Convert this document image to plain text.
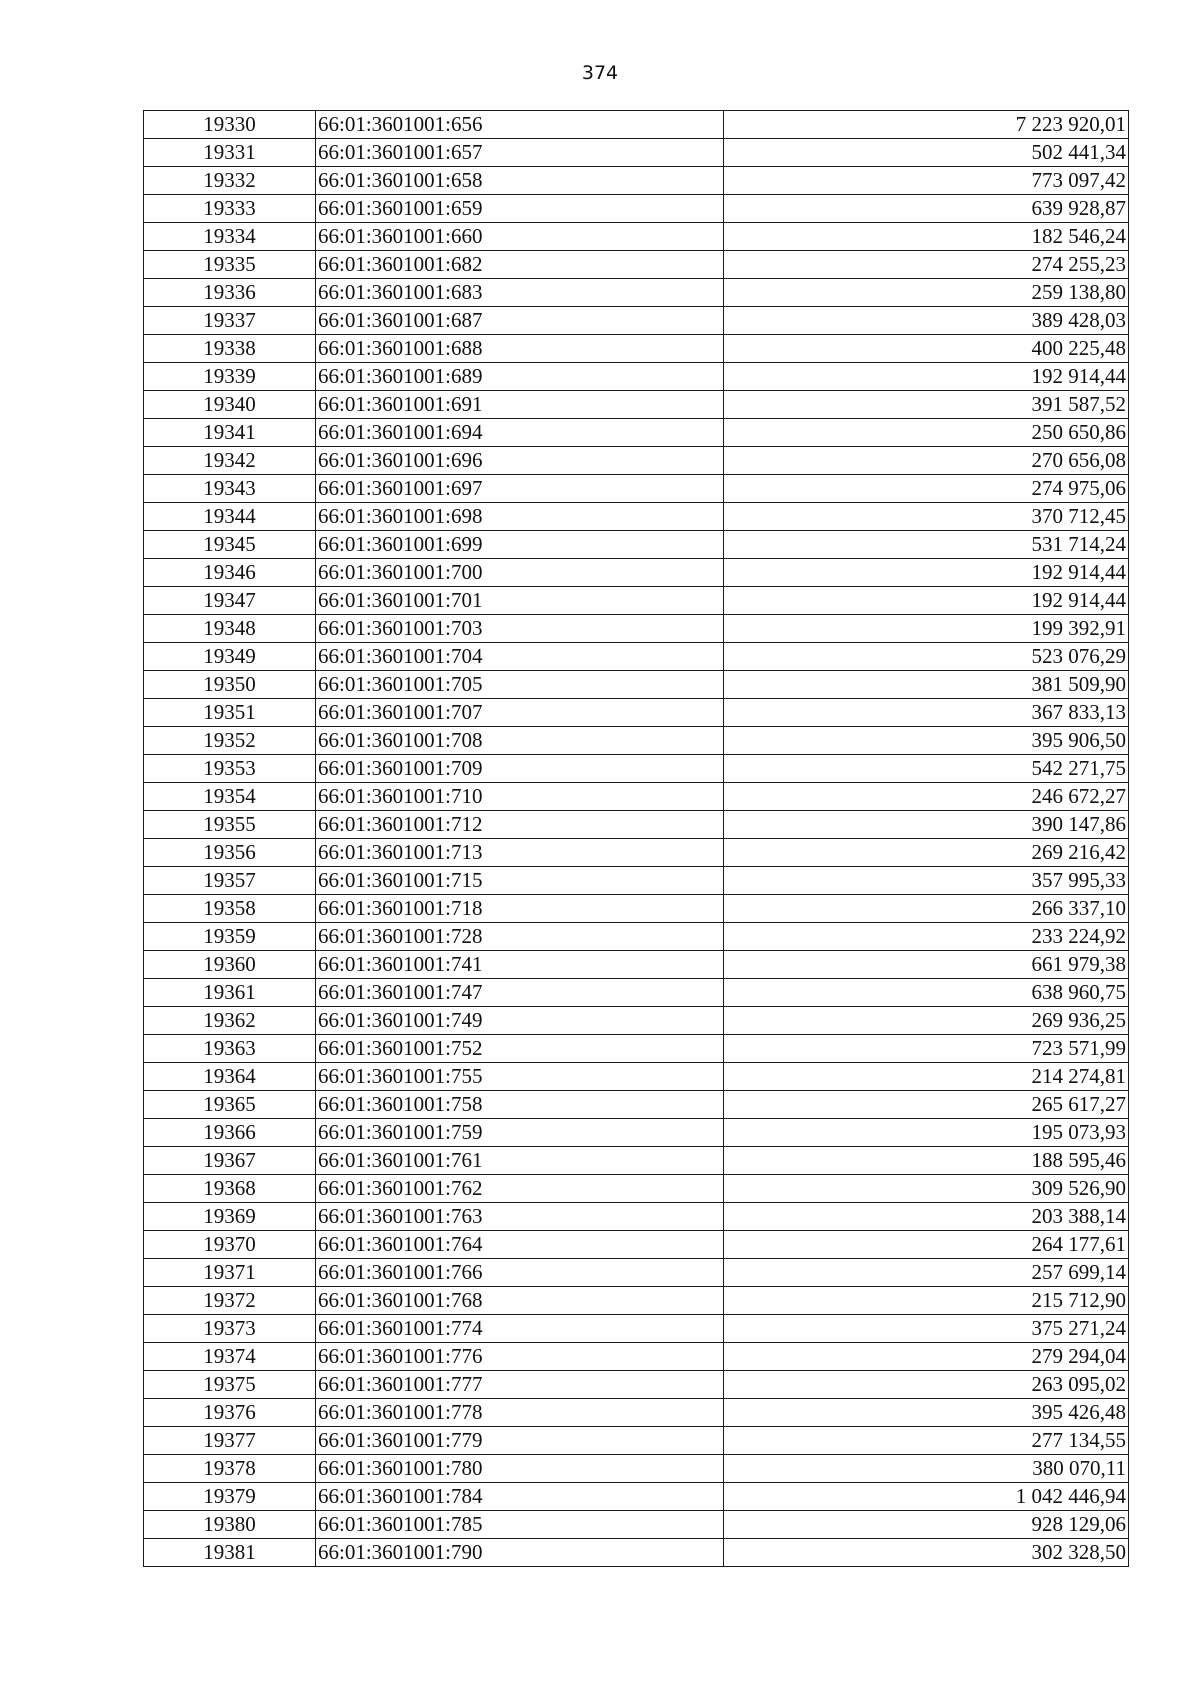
374
19330	66:01:3601001:656	7 223 920,01
19331	66:01:3601001:657	502 441,34
19332	66:01:3601001:658	773 097,42
19333	66:01:3601001:659	639 928,87
19334	66:01:3601001:660	182 546,24
19335	66:01:3601001:682	274 255,23
19336	66:01:3601001:683	259 138,80
19337	66:01:3601001:687	389 428,03
19338	66:01:3601001:688	400 225,48
19339	66:01:3601001:689	192 914,44
19340	66:01:3601001:691	391 587,52
19341	66:01:3601001:694	250 650,86
19342	66:01:3601001:696	270 656,08
19343	66:01:3601001:697	274 975,06
19344	66:01:3601001:698	370 712,45
19345	66:01:3601001:699	531 714,24
19346	66:01:3601001:700	192 914,44
19347	66:01:3601001:701	192 914,44
19348	66:01:3601001:703	199 392,91
19349	66:01:3601001:704	523 076,29
19350	66:01:3601001:705	381 509,90
19351	66:01:3601001:707	367 833,13
19352	66:01:3601001:708	395 906,50
19353	66:01:3601001:709	542 271,75
19354	66:01:3601001:710	246 672,27
19355	66:01:3601001:712	390 147,86
19356	66:01:3601001:713	269 216,42
19357	66:01:3601001:715	357 995,33
19358	66:01:3601001:718	266 337,10
19359	66:01:3601001:728	233 224,92
19360	66:01:3601001:741	661 979,38
19361	66:01:3601001:747	638 960,75
19362	66:01:3601001:749	269 936,25
19363	66:01:3601001:752	723 571,99
19364	66:01:3601001:755	214 274,81
19365	66:01:3601001:758	265 617,27
19366	66:01:3601001:759	195 073,93
19367	66:01:3601001:761	188 595,46
19368	66:01:3601001:762	309 526,90
19369	66:01:3601001:763	203 388,14
19370	66:01:3601001:764	264 177,61
19371	66:01:3601001:766	257 699,14
19372	66:01:3601001:768	215 712,90
19373	66:01:3601001:774	375 271,24
19374	66:01:3601001:776	279 294,04
19375	66:01:3601001:777	263 095,02
19376	66:01:3601001:778	395 426,48
19377	66:01:3601001:779	277 134,55
19378	66:01:3601001:780	380 070,11
19379	66:01:3601001:784	1 042 446,94
19380	66:01:3601001:785	928 129,06
19381	66:01:3601001:790	302 328,50
